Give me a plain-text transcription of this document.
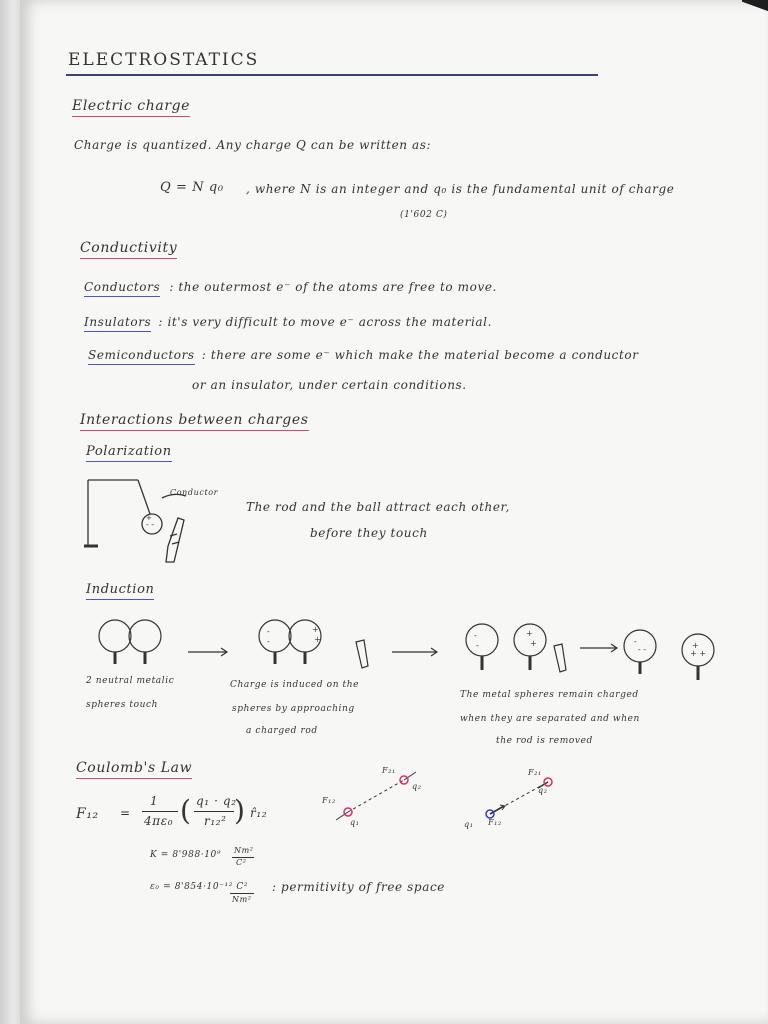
ELECTROSTATICS
Electric charge
Charge is quantized. Any charge Q can be written as:
Q = N q₀ , where N is an integer and q₀ is the fundamental unit of charge
(1'602 C)
Conductivity
Conductors : the outermost e⁻ of the atoms are free to move.
Insulators : it's very difficult to move e⁻ across the material.
Semiconductors : there are some e⁻ which make the material become a conductor
or an insulator, under certain conditions.
Interactions between charges
Polarization
- -
+
Conductor
The rod and the ball attract each other,
before they touch
Induction
-
-
+
+	-
-
+
+	-
- -	+
+ +
2 neutral metalic
spheres touch
Charge is induced on the
spheres by approaching
a charged rod
The metal spheres remain charged
when they are separated and when
the rod is removed
Coulomb's Law
F₁₂ =
1
4πε₀ ( q₁ · q₂
r₁₂² ) r̂₁₂
K = 8'988·10⁹ Nm²
C²
ε₀ = 8'854·10⁻¹² C²
Nm²
: permitivity of free space
F₂₁
q₂
F₁₂
q₁
F₂₁
q₂
q₁ F₁₂
